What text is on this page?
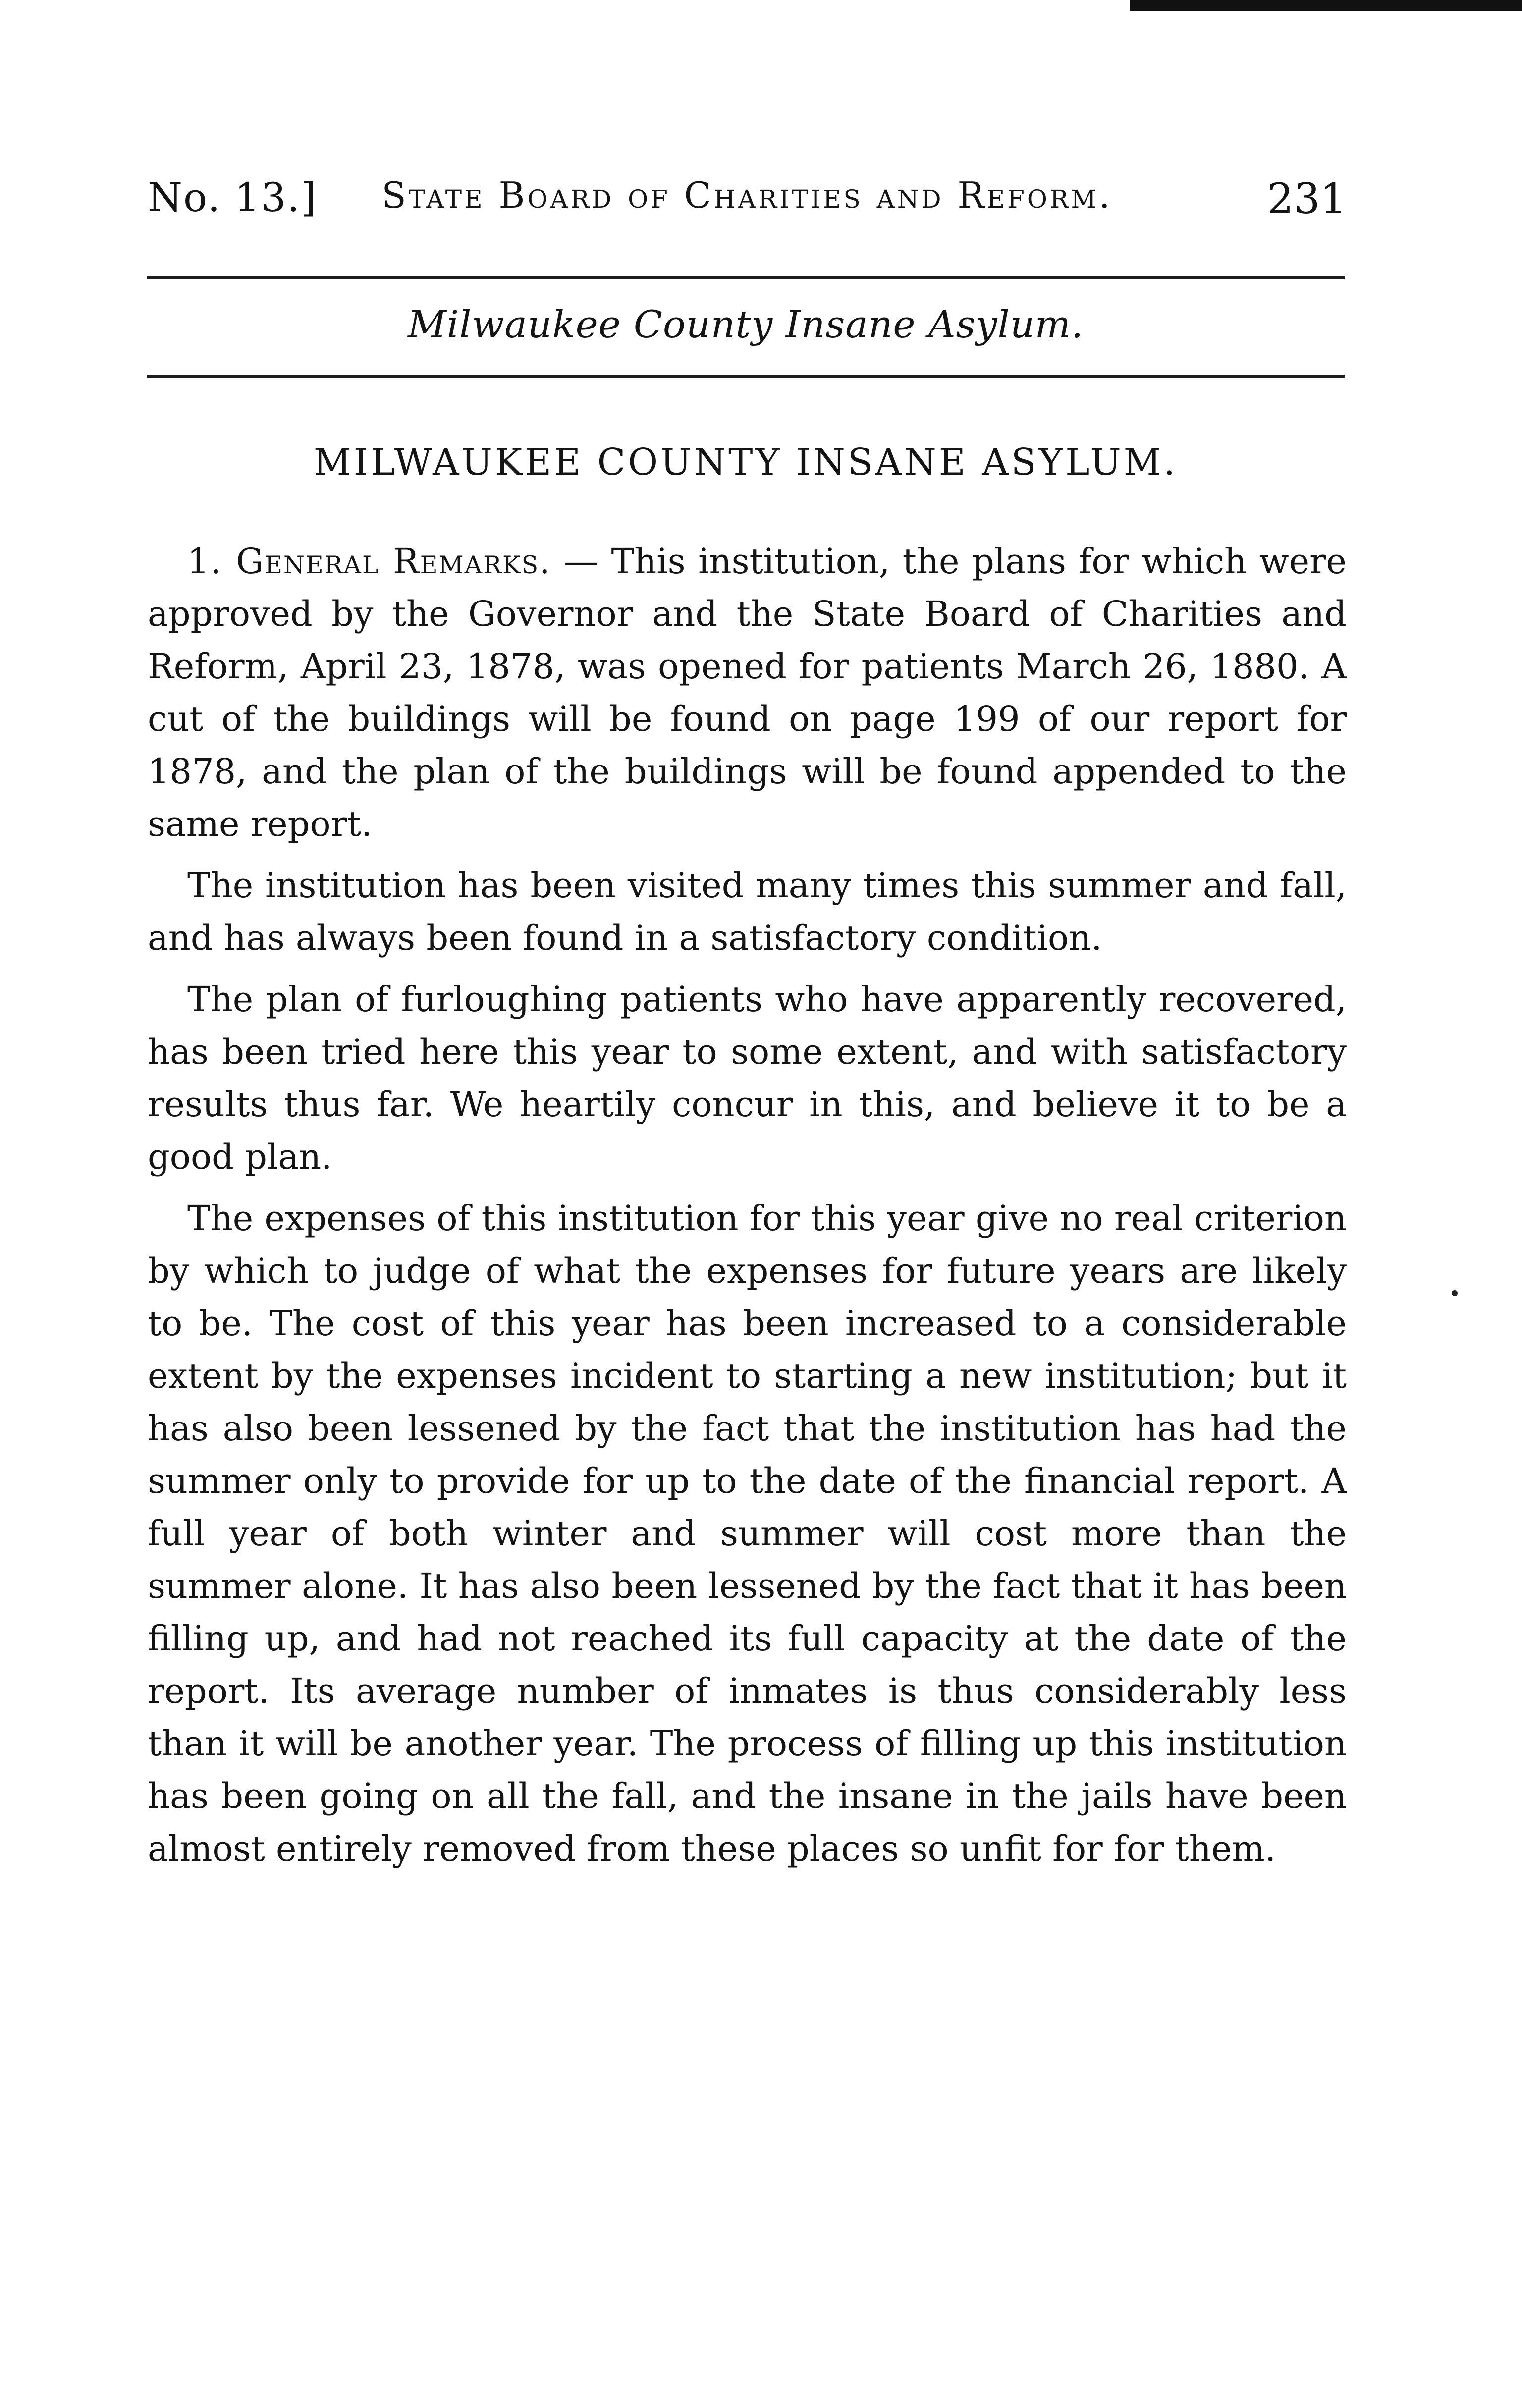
No. 13.]	State Board of Charities and Reform.	231
Milwaukee County Insane Asylum.
MILWAUKEE COUNTY INSANE ASYLUM.

1. General Remarks. — This institution, the plans for which were approved by the Governor and the State Board of Charities and Reform, April 23, 1878, was opened for patients March 26, 1880. A cut of the buildings will be found on page 199 of our report for 1878, and the plan of the buildings will be found appended to the same report.

The institution has been visited many times this summer and fall, and has always been found in a satisfactory condition.

The plan of furloughing patients who have apparently recovered, has been tried here this year to some extent, and with satisfactory results thus far. We heartily concur in this, and believe it to be a good plan.

The expenses of this institution for this year give no real criterion by which to judge of what the expenses for future years are likely to be. The cost of this year has been increased to a considerable extent by the expenses incident to starting a new institution; but it has also been lessened by the fact that the institution has had the summer only to provide for up to the date of the financial report. A full year of both winter and summer will cost more than the summer alone. It has also been lessened by the fact that it has been filling up, and had not reached its full capacity at the date of the report. Its average number of inmates is thus considerably less than it will be another year. The process of filling up this institution has been going on all the fall, and the insane in the jails have been almost entirely removed from these places so unfit for for them.
